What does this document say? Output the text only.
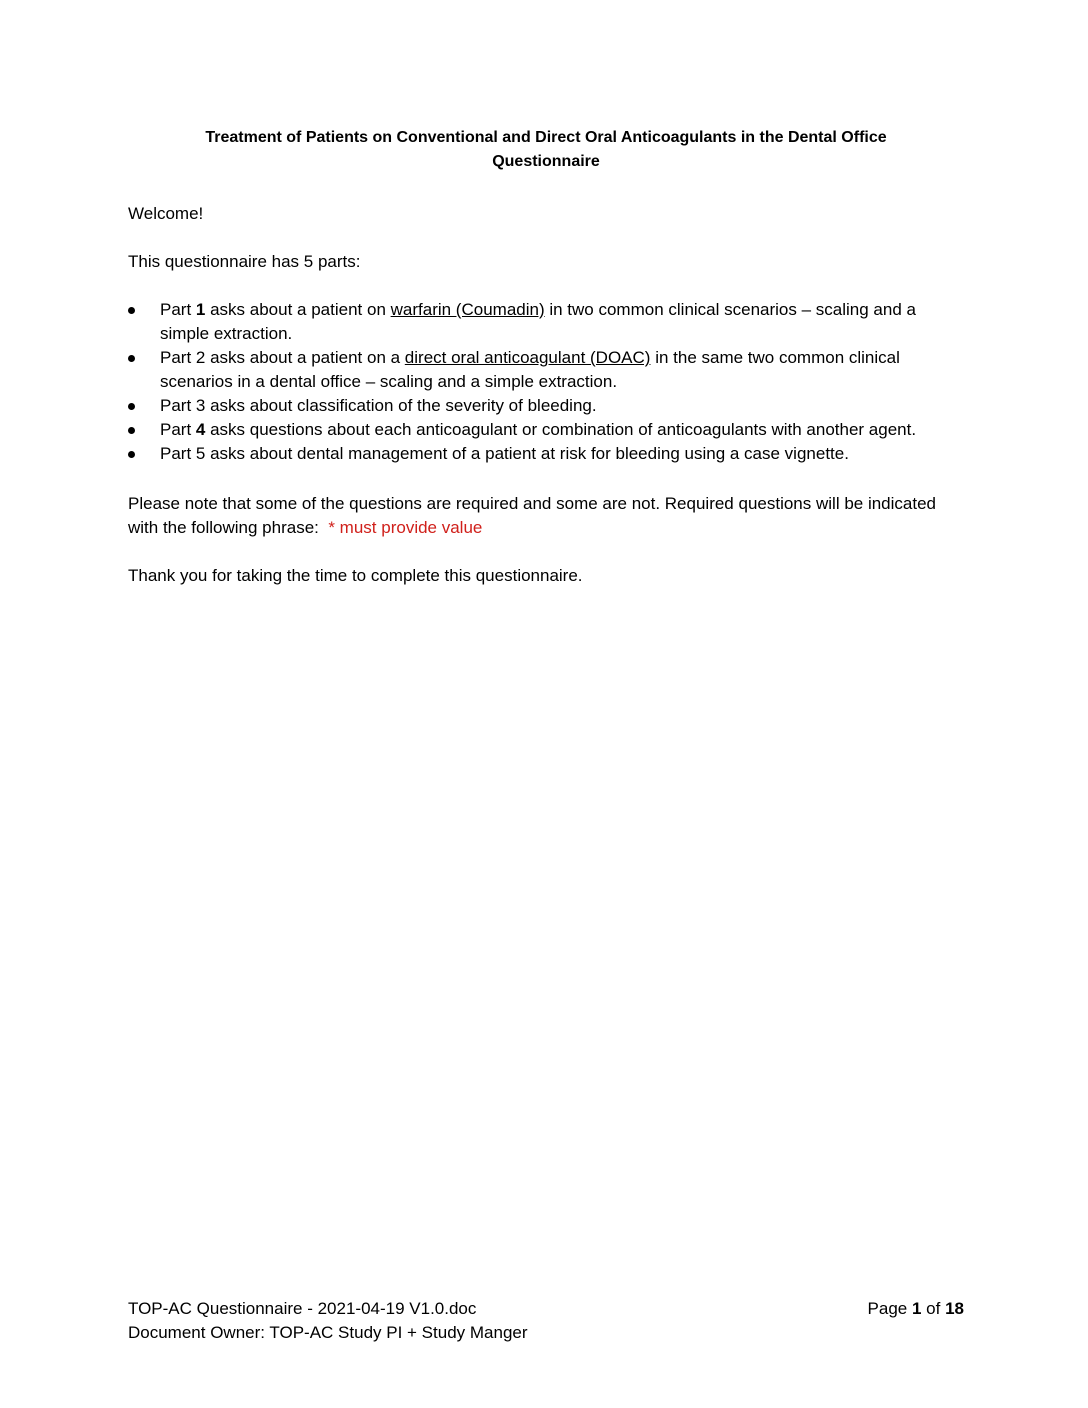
Treatment of Patients on Conventional and Direct Oral Anticoagulants in the Dental Office
Questionnaire

Welcome!

This questionnaire has 5 parts:

Part 1 asks about a patient on warfarin (Coumadin) in two common clinical scenarios – scaling and a simple extraction.
Part 2 asks about a patient on a direct oral anticoagulant (DOAC) in the same two common clinical scenarios in a dental office – scaling and a simple extraction.
Part 3 asks about classification of the severity of bleeding.
Part 4 asks questions about each anticoagulant or combination of anticoagulants with another agent.
Part 5 asks about dental management of a patient at risk for bleeding using a case vignette.

Please note that some of the questions are required and some are not. Required questions will be indicated with the following phrase: * must provide value

Thank you for taking the time to complete this questionnaire.

TOP-AC Questionnaire - 2021-04-19 V1.0.doc	Page 1 of 18
Document Owner: TOP-AC Study PI + Study Manger
